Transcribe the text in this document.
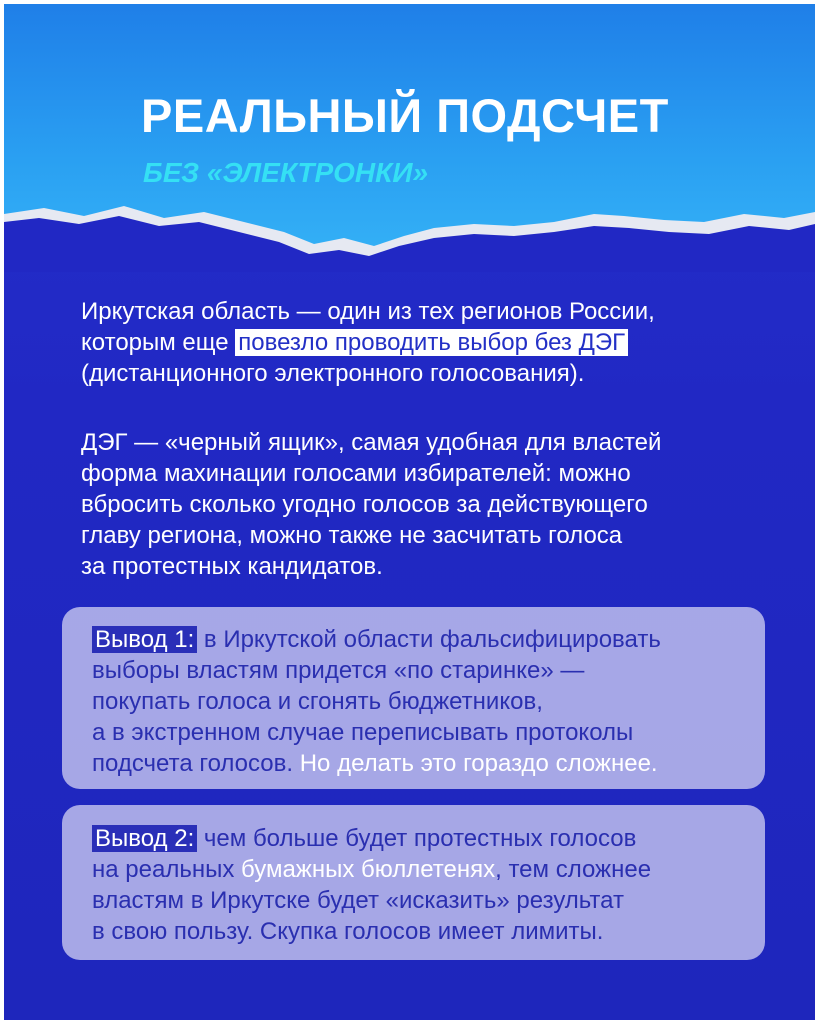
РЕАЛЬНЫЙ ПОДСЧЕТ
БЕЗ «ЭЛЕКТРОНКИ»

Иркутская область — один из тех регионов России,
которым еще повезло проводить выбор без ДЭГ
(дистанционного электронного голосования).

ДЭГ — «черный ящик», самая удобная для властей
форма махинации голосами избирателей: можно
вбросить сколько угодно голосов за действующего
главу региона, можно также не засчитать голоса
за протестных кандидатов.

Вывод 1: в Иркутской области фальсифицировать
выборы властям придется «по старинке» —
покупать голоса и сгонять бюджетников,
а в экстренном случае переписывать протоколы
подсчета голосов. Но делать это гораздо сложнее.

Вывод 2: чем больше будет протестных голосов
на реальных бумажных бюллетенях, тем сложнее
властям в Иркутске будет «исказить» результат
в свою пользу. Скупка голосов имеет лимиты.
